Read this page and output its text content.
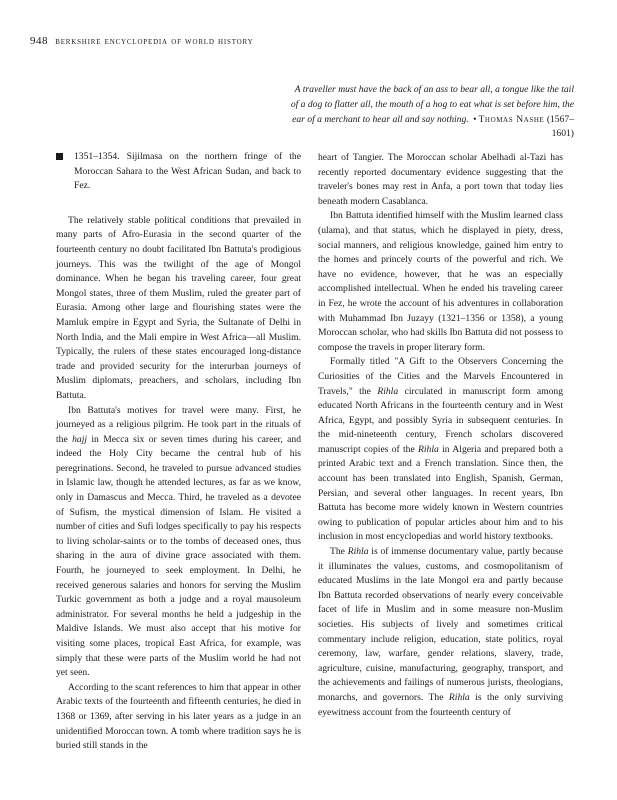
948 berkshire encyclopedia of world history
A traveller must have the back of an ass to bear all, a tongue like the tail of a dog to flatter all, the mouth of a hog to eat what is set before him, the ear of a merchant to hear all and say nothing. • Thomas Nashe (1567–1601)

1351–1354. Sijilmasa on the northern fringe of the Moroccan Sahara to the West African Sudan, and back to Fez.

The relatively stable political conditions that prevailed in many parts of Afro-Eurasia in the second quarter of the fourteenth century no doubt facilitated Ibn Battuta's prodigious journeys. This was the twilight of the age of Mongol dominance. When he began his traveling career, four great Mongol states, three of them Muslim, ruled the greater part of Eurasia. Among other large and flourishing states were the Mamluk empire in Egypt and Syria, the Sultanate of Delhi in North India, and the Mali empire in West Africa—all Muslim. Typically, the rulers of these states encouraged long-distance trade and provided security for the interurban journeys of Muslim diplomats, preachers, and scholars, including Ibn Battuta.

Ibn Battuta's motives for travel were many. First, he journeyed as a religious pilgrim. He took part in the rituals of the hajj in Mecca six or seven times during his career, and indeed the Holy City became the central hub of his peregrinations. Second, he traveled to pursue advanced studies in Islamic law, though he attended lectures, as far as we know, only in Damascus and Mecca. Third, he traveled as a devotee of Sufism, the mystical dimension of Islam. He visited a number of cities and Sufi lodges specifically to pay his respects to living scholar-saints or to the tombs of deceased ones, thus sharing in the aura of divine grace associated with them. Fourth, he journeyed to seek employment. In Delhi, he received generous salaries and honors for serving the Muslim Turkic government as both a judge and a royal mausoleum administrator. For several months he held a judgeship in the Maldive Islands. We must also accept that his motive for visiting some places, tropical East Africa, for example, was simply that these were parts of the Muslim world he had not yet seen.

According to the scant references to him that appear in other Arabic texts of the fourteenth and fifteenth centuries, he died in 1368 or 1369, after serving in his later years as a judge in an unidentified Moroccan town. A tomb where tradition says he is buried still stands in the

heart of Tangier. The Moroccan scholar Abelhadi al-Tazi has recently reported documentary evidence suggesting that the traveler's bones may rest in Anfa, a port town that today lies beneath modern Casablanca.

Ibn Battuta identified himself with the Muslim learned class (ulama), and that status, which he displayed in piety, dress, social manners, and religious knowledge, gained him entry to the homes and princely courts of the powerful and rich. We have no evidence, however, that he was an especially accomplished intellectual. When he ended his traveling career in Fez, he wrote the account of his adventures in collaboration with Muhammad Ibn Juzayy (1321–1356 or 1358), a young Moroccan scholar, who had skills Ibn Battuta did not possess to compose the travels in proper literary form.

Formally titled "A Gift to the Observers Concerning the Curiosities of the Cities and the Marvels Encountered in Travels," the Rihla circulated in manuscript form among educated North Africans in the fourteenth century and in West Africa, Egypt, and possibly Syria in subsequent centuries. In the mid-nineteenth century, French scholars discovered manuscript copies of the Rihla in Algeria and prepared both a printed Arabic text and a French translation. Since then, the account has been translated into English, Spanish, German, Persian, and several other languages. In recent years, Ibn Battuta has become more widely known in Western countries owing to publication of popular articles about him and to his inclusion in most encyclopedias and world history textbooks.

The Rihla is of immense documentary value, partly because it illuminates the values, customs, and cosmopolitanism of educated Muslims in the late Mongol era and partly because Ibn Battuta recorded observations of nearly every conceivable facet of life in Muslim and in some measure non-Muslim societies. His subjects of lively and sometimes critical commentary include religion, education, state politics, royal ceremony, law, warfare, gender relations, slavery, trade, agriculture, cuisine, manufacturing, geography, transport, and the achievements and failings of numerous jurists, theologians, monarchs, and governors. The Rihla is the only surviving eyewitness account from the fourteenth century of
